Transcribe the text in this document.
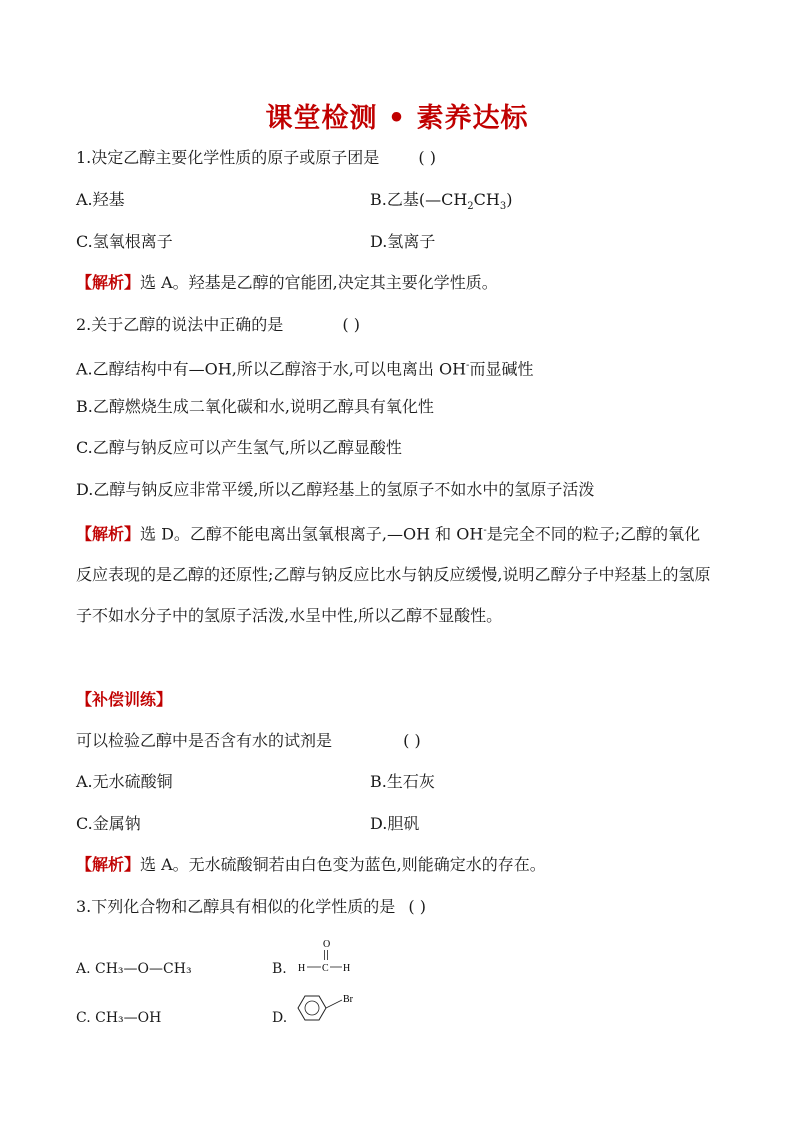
课堂检测 • 素养达标
1.决定乙醇主要化学性质的原子或原子团是 ( )
A.羟基	B.乙基$(—CH_2CH_3)$
C.氢氧根离子	D.氢离子
【解析】选 A。羟基是乙醇的官能团,决定其主要化学性质。
2.关于乙醇的说法中正确的是	( )
A.乙醇结构中有—OH,所以乙醇溶于水,可以电离出 OH-而显碱性
B.乙醇燃烧生成二氧化碳和水,说明乙醇具有氧化性
C.乙醇与钠反应可以产生氢气,所以乙醇显酸性
D.乙醇与钠反应非常平缓,所以乙醇羟基上的氢原子不如水中的氢原子活泼
【解析】选 D。乙醇不能电离出氢氧根离子,—OH 和 OH-是完全不同的粒子;乙醇的氧化反应表现的是乙醇的还原性;乙醇与钠反应比水与钠反应缓慢,说明乙醇分子中羟基上的氢原子不如水分子中的氢原子活泼,水呈中性,所以乙醇不显酸性。
【补偿训练】
可以检验乙醇中是否含有水的试剂是	( )
A.无水硫酸铜	B.生石灰
C.金属钠	D.胆矾
【解析】选 A。无水硫酸铜若由白色变为蓝色,则能确定水的存在。
3.下列化合物和乙醇具有相似的化学性质的是 ( )
A. CH₃—O—CH₃	B.
O
H C H
C. CH₃—OH	D.
Br
